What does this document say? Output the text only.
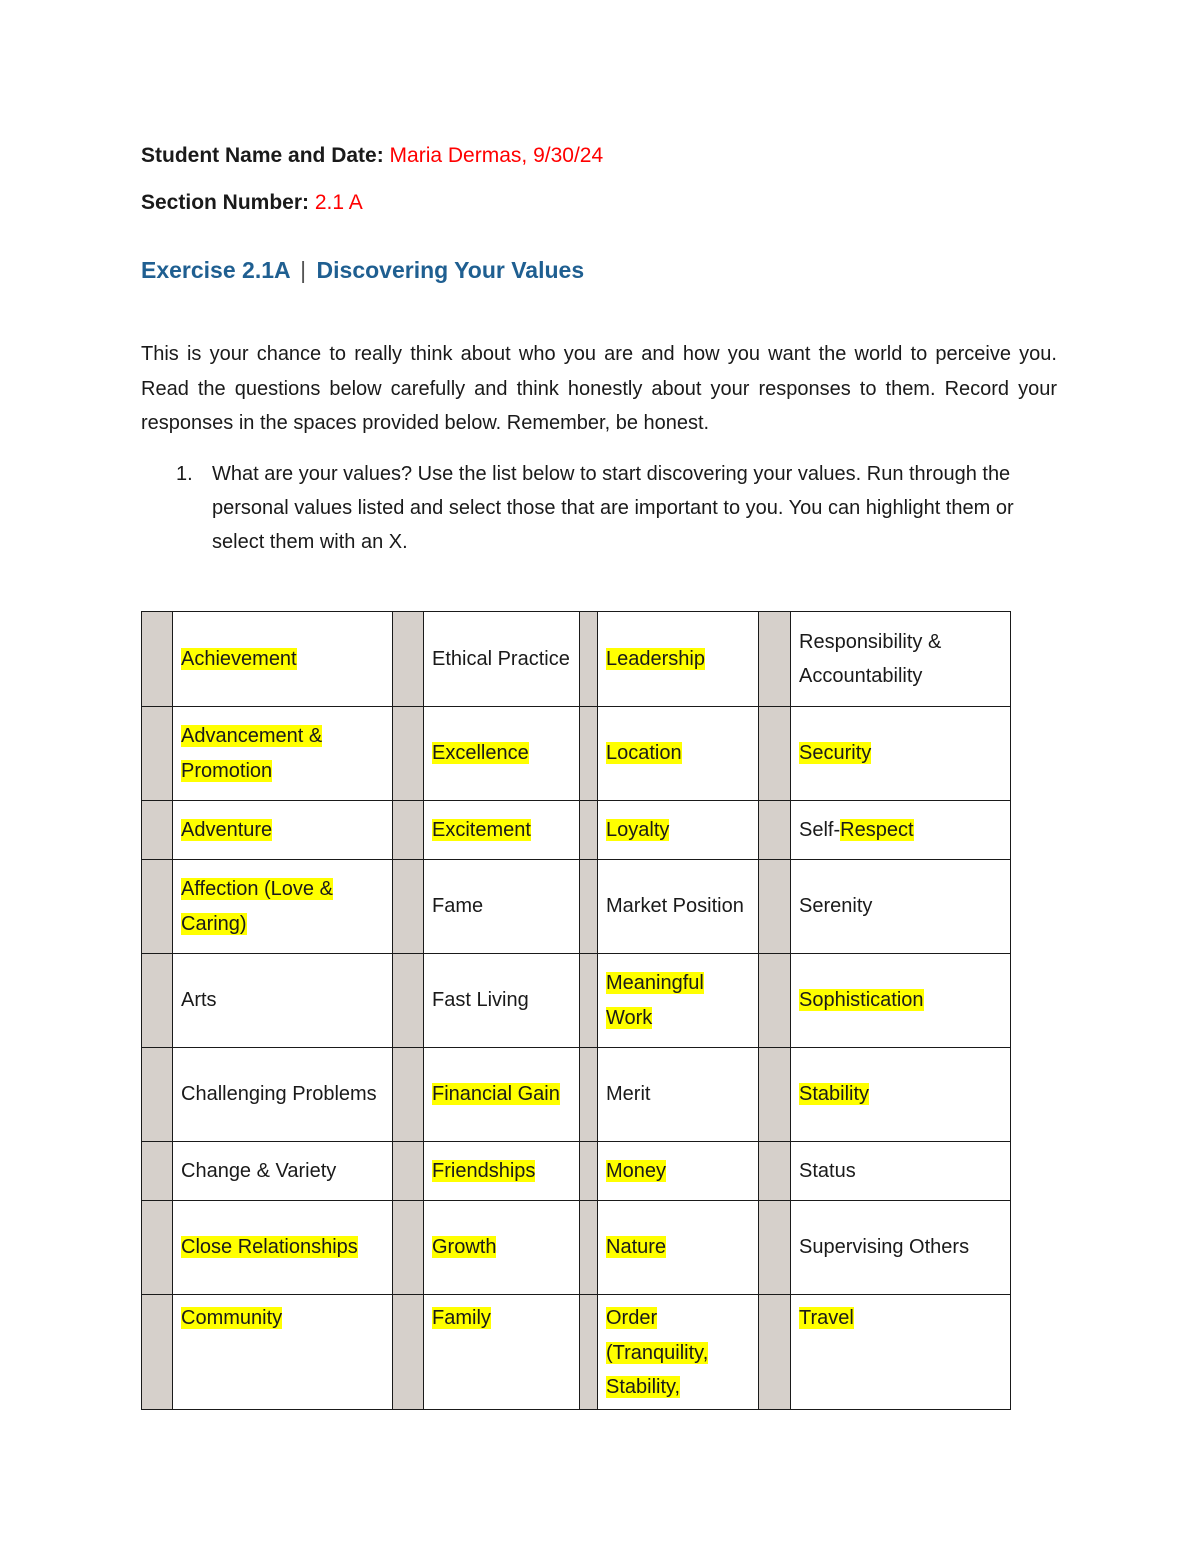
Student Name and Date: Maria Dermas, 9/30/24
Section Number: 2.1 A
Exercise 2.1A | Discovering Your Values

This is your chance to really think about who you are and how you want the world to perceive you. Read the questions below carefully and think honestly about your responses to them. Record your responses in the spaces provided below. Remember, be honest.

1. What are your values? Use the list below to start discovering your values. Run through the personal values listed and select those that are important to you. You can highlight them or select them with an X.

	Achievement		Ethical Practice		Leadership		Responsibility & Accountability
	Advancement & Promotion		Excellence		Location		Security
	Adventure		Excitement		Loyalty		Self-Respect
	Affection (Love & Caring)		Fame		Market Position		Serenity
	Arts		Fast Living		Meaningful Work		Sophistication
	Challenging Problems		Financial Gain		Merit		Stability
	Change & Variety		Friendships		Money		Status
	Close Relationships		Growth		Nature		Supervising Others
	Community		Family		Order (Tranquility, Stability,		Travel
